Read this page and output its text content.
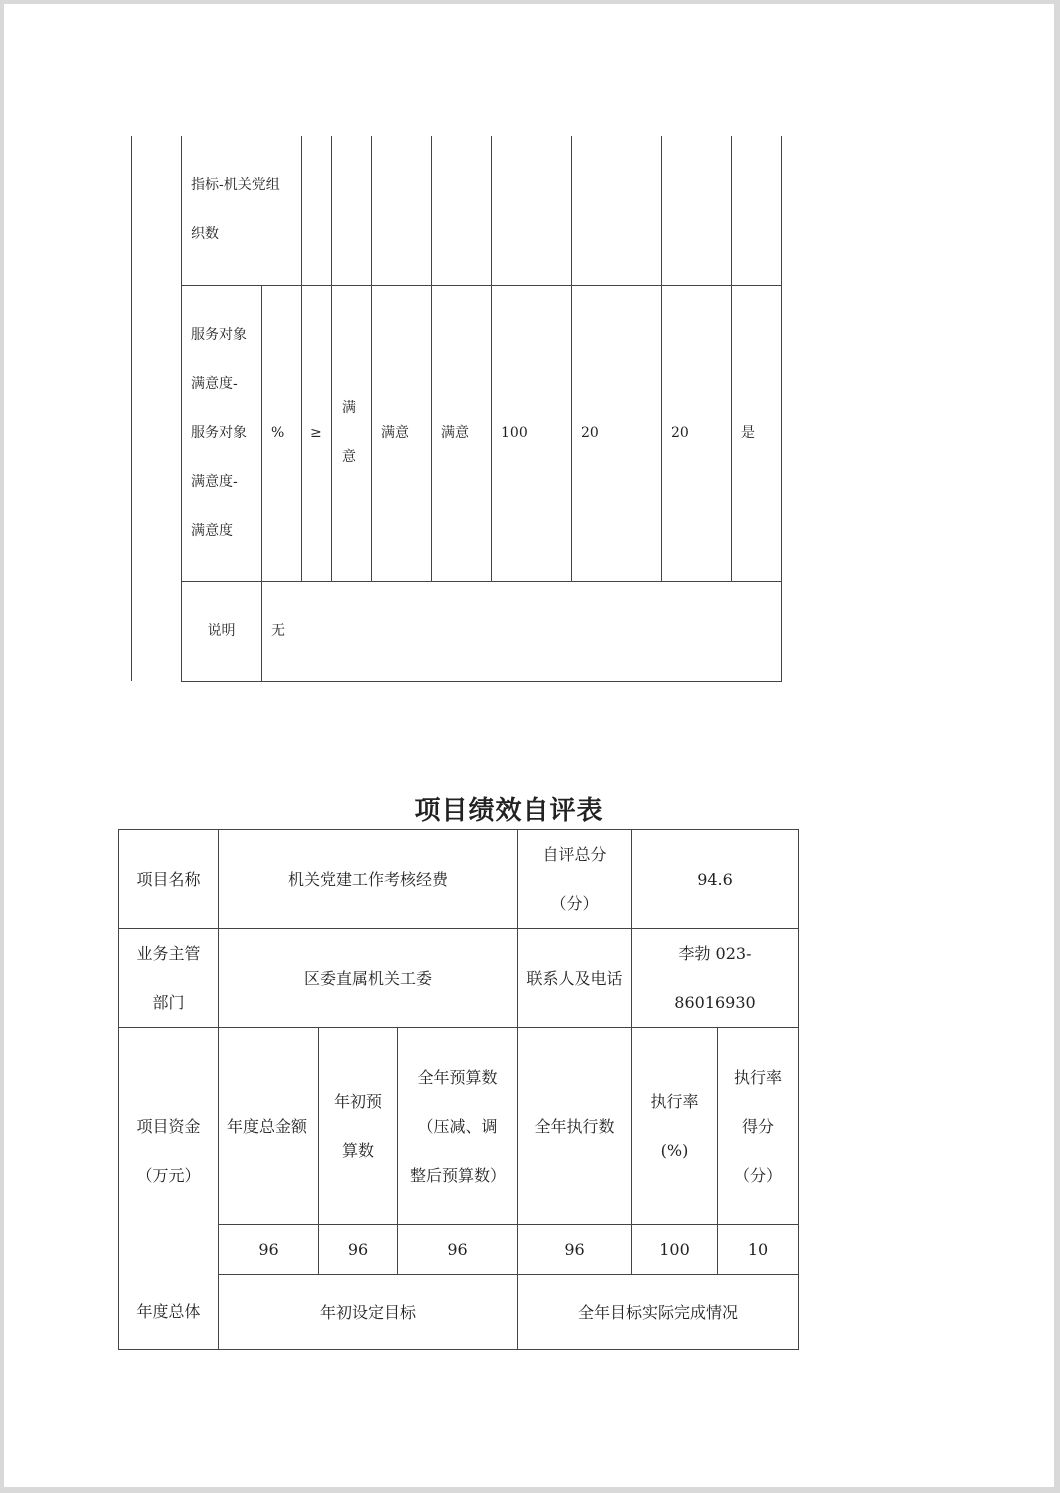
	指标-机关党组织数									
	服务对象满意度-服务对象满意度-满意度	%	≥	满意	满意	满意	100	20	20	是
	说明	无								
项目绩效自评表
项目名称	机关党建工作考核经费			自评总分（分）	94.6	
业务主管部门	区委直属机关工委			联系人及电话	李勃 023-86016930	
项目资金（万元）	年度总金额	年初预算数	全年预算数（压减、调整后预算数）	全年执行数	执行率(%)	执行率得分（分）
	96	96	96	96	100	10
年度总体	年初设定目标			全年目标实际完成情况		
